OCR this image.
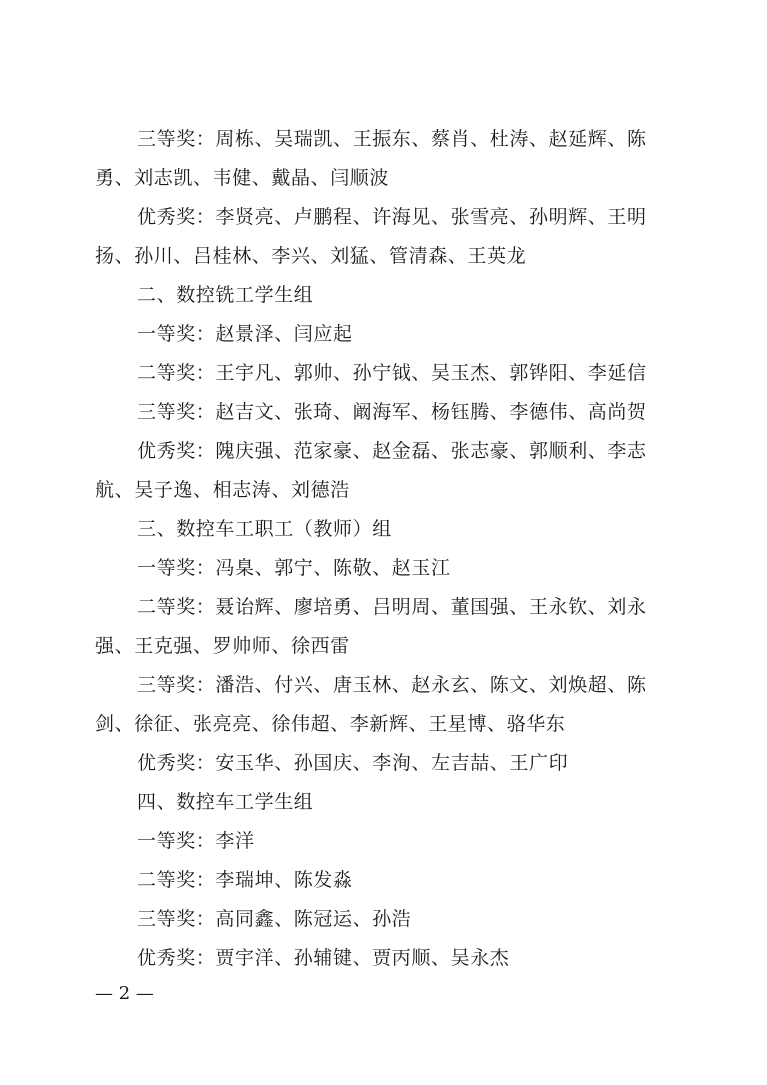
三等奖：周栋、吴瑞凯、王振东、蔡肖、杜涛、赵延辉、陈
勇、刘志凯、韦健、戴晶、闫顺波
优秀奖：李贤亮、卢鹏程、许海见、张雪亮、孙明辉、王明
扬、孙川、吕桂林、李兴、刘猛、管清森、王英龙
二、数控铣工学生组
一等奖：赵景泽、闫应起
二等奖：王宇凡、郭帅、孙宁钺、吴玉杰、郭铧阳、李延信
三等奖：赵吉文、张琦、阚海军、杨钰腾、李德伟、高尚贺
优秀奖：隗庆强、范家豪、赵金磊、张志豪、郭顺利、李志
航、吴子逸、相志涛、刘德浩
三、数控车工职工（教师）组
一等奖：冯臬、郭宁、陈敬、赵玉江
二等奖：聂诒辉、廖培勇、吕明周、董国强、王永钦、刘永
强、王克强、罗帅师、徐西雷
三等奖：潘浩、付兴、唐玉林、赵永玄、陈文、刘焕超、陈
剑、徐征、张亮亮、徐伟超、李新辉、王星博、骆华东
优秀奖：安玉华、孙国庆、李洵、左吉喆、王广印
四、数控车工学生组
一等奖：李洋
二等奖：李瑞坤、陈发淼
三等奖：高同鑫、陈冠运、孙浩
优秀奖：贾宇洋、孙辅键、贾丙顺、吴永杰
— 2 —
